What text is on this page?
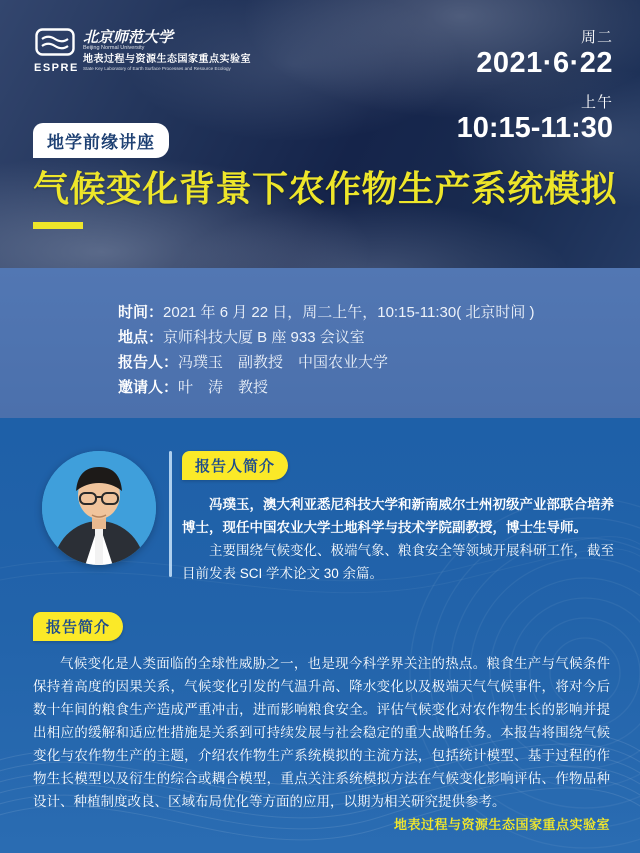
ESPRE
北京师范大学
Beijing Normal University
地表过程与资源生态国家重点实验室
State Key Laboratory of Earth Surface Processes and Resource Ecology
周二
2021·6·22
上午
10:15-11:30
地学前缘讲座
气候变化背景下农作物生产系统模拟
时间：2021 年 6 月 22 日，周二上午，10:15-11:30( 北京时间 )
地点：京师科技大厦 B 座 933 会议室
报告人：冯璞玉　副教授　中国农业大学
邀请人：叶　涛　教授
报告人简介

冯璞玉，澳大利亚悉尼科技大学和新南威尔士州初级产业部联合培养博士，现任中国农业大学土地科学与技术学院副教授，博士生导师。

主要围绕气候变化、极端气象、粮食安全等领域开展科研工作，截至目前发表 SCI 学术论文 30 余篇。

报告简介

气候变化是人类面临的全球性威胁之一，也是现今科学界关注的热点。粮食生产与气候条件保持着高度的因果关系，气候变化引发的气温升高、降水变化以及极端天气气候事件，将对今后数十年间的粮食生产造成严重冲击，进而影响粮食安全。评估气候变化对农作物生长的影响并提出相应的缓解和适应性措施是关系到可持续发展与社会稳定的重大战略任务。本报告将围绕气候变化与农作物生产的主题，介绍农作物生产系统模拟的主流方法，包括统计模型、基于过程的作物生长模型以及衍生的综合或耦合模型，重点关注系统模拟方法在气候变化影响评估、作物品种设计、种植制度改良、区域布局优化等方面的应用，以期为相关研究提供参考。

地表过程与资源生态国家重点实验室
